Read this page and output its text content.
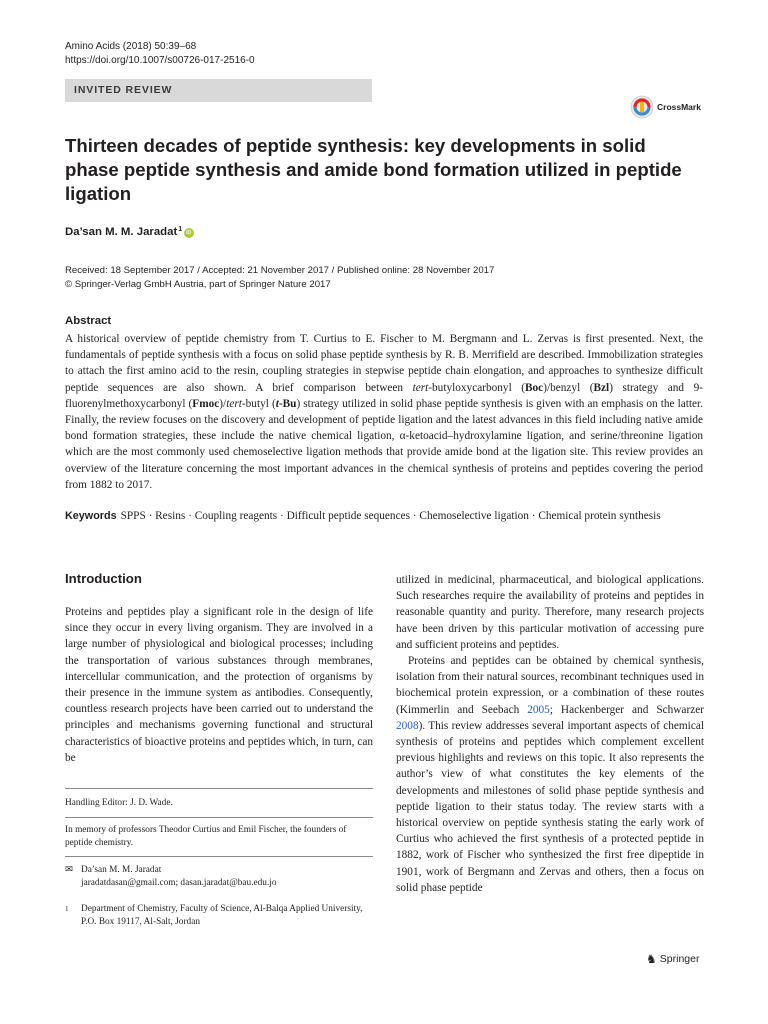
Amino Acids (2018) 50:39–68
https://doi.org/10.1007/s00726-017-2516-0
INVITED REVIEW
CrossMark
Thirteen decades of peptide synthesis: key developments in solid phase peptide synthesis and amide bond formation utilized in peptide ligation
Da’san M. M. Jaradat$^1$
iD
Received: 18 September 2017 / Accepted: 21 November 2017 / Published online: 28 November 2017
© Springer-Verlag GmbH Austria, part of Springer Nature 2017
Abstract
A historical overview of peptide chemistry from T. Curtius to E. Fischer to M. Bergmann and L. Zervas is first presented. Next, the fundamentals of peptide synthesis with a focus on solid phase peptide synthesis by R. B. Merrifield are described. Immobilization strategies to attach the first amino acid to the resin, coupling strategies in stepwise peptide chain elongation, and approaches to synthesize difficult peptide sequences are also shown. A brief comparison between tert-butyloxycarbonyl (Boc)/benzyl (Bzl) strategy and 9-fluorenylmethoxycarbonyl (Fmoc)/tert-butyl (t-Bu) strategy utilized in solid phase peptide synthesis is given with an emphasis on the latter. Finally, the review focuses on the discovery and development of peptide ligation and the latest advances in this field including native amide bond formation strategies, these include the native chemical ligation, α-ketoacid–hydroxylamine ligation, and serine/threonine ligation which are the most commonly used chemoselective ligation methods that provide amide bond at the ligation site. This review provides an overview of the literature concerning the most important advances in the chemical synthesis of proteins and peptides covering the period from 1882 to 2017.
Keywords SPPS · Resins · Coupling reagents · Difficult peptide sequences · Chemoselective ligation · Chemical protein synthesis
Introduction

Proteins and peptides play a significant role in the design of life since they occur in every living organism. They are involved in a large number of physiological and biological processes; including the transportation of various substances through membranes, intercellular communication, and the protection of organisms by their presence in the immune system as antibodies. Consequently, countless research projects have been carried out to understand the principles and mechanisms governing functional and structural characteristics of bioactive proteins and peptides which, in turn, can be

Handling Editor: J. D. Wade.
In memory of professors Theodor Curtius and Emil Fischer, the founders of peptide chemistry.
✉ Da’san M. M. Jaradat
jaradatdasan@gmail.com; dasan.jaradat@bau.edu.jo
1	Department of Chemistry, Faculty of Science, Al-Balqa Applied University, P.O. Box 19117, Al-Salt, Jordan

utilized in medicinal, pharmaceutical, and biological applications. Such researches require the availability of proteins and peptides in reasonable quantity and purity. Therefore, many research projects have been driven by this particular motivation of accessing pure and sufficient proteins and peptides.

Proteins and peptides can be obtained by chemical synthesis, isolation from their natural sources, recombinant techniques used in biochemical protein expression, or a combination of these routes (Kimmerlin and Seebach 2005; Hackenberger and Schwarzer 2008). This review addresses several important aspects of chemical synthesis of proteins and peptides which complement excellent previous highlights and reviews on this topic. It also represents the author’s view of what constitutes the key elements of the developments and milestones of solid phase peptide synthesis and peptide ligation to their status today. The review starts with a historical overview on peptide synthesis stating the early work of Curtius who achieved the first synthesis of a protected peptide in 1882, work of Fischer who synthesized the first free dipeptide in 1901, work of Bergmann and Zervas and others, then a focus on solid phase peptide

♞ Springer
